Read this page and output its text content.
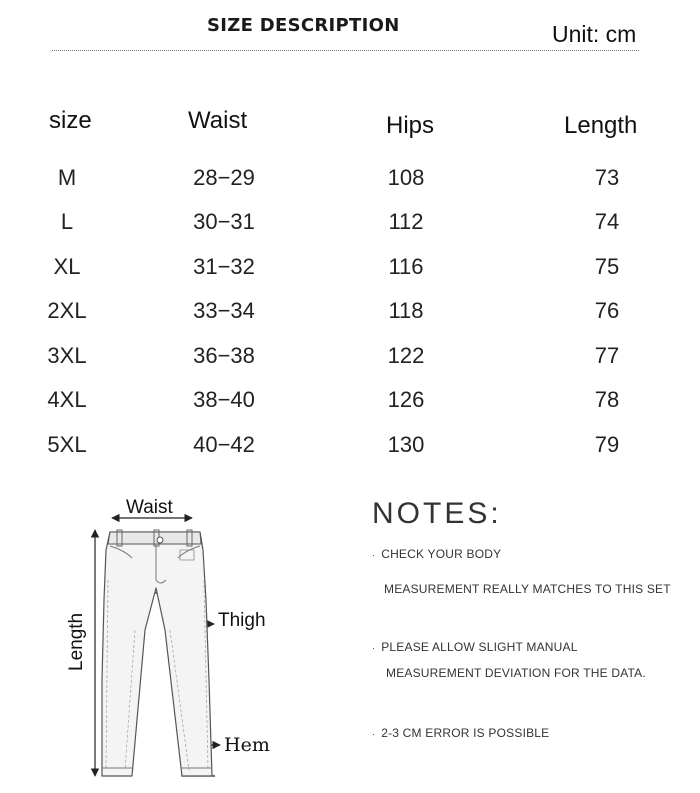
SIZE DESCRIPTION	Unit: cm
size	Waist	Hips	Length
M	28−29	108	73
L	30−31	112	74
XL	31−32	116	75
2XL	33−34	118	76
3XL	36−38	122	77
4XL	38−40	126	78
5XL	40−42	130	79
Waist
Length	Thigh
Hem
NOTES:
· CHECK YOUR BODY
MEASUREMENT REALLY MATCHES TO THIS SET
· PLEASE ALLOW SLIGHT MANUAL
MEASUREMENT DEVIATION FOR THE DATA.
· 2-3 CM ERROR IS POSSIBLE
